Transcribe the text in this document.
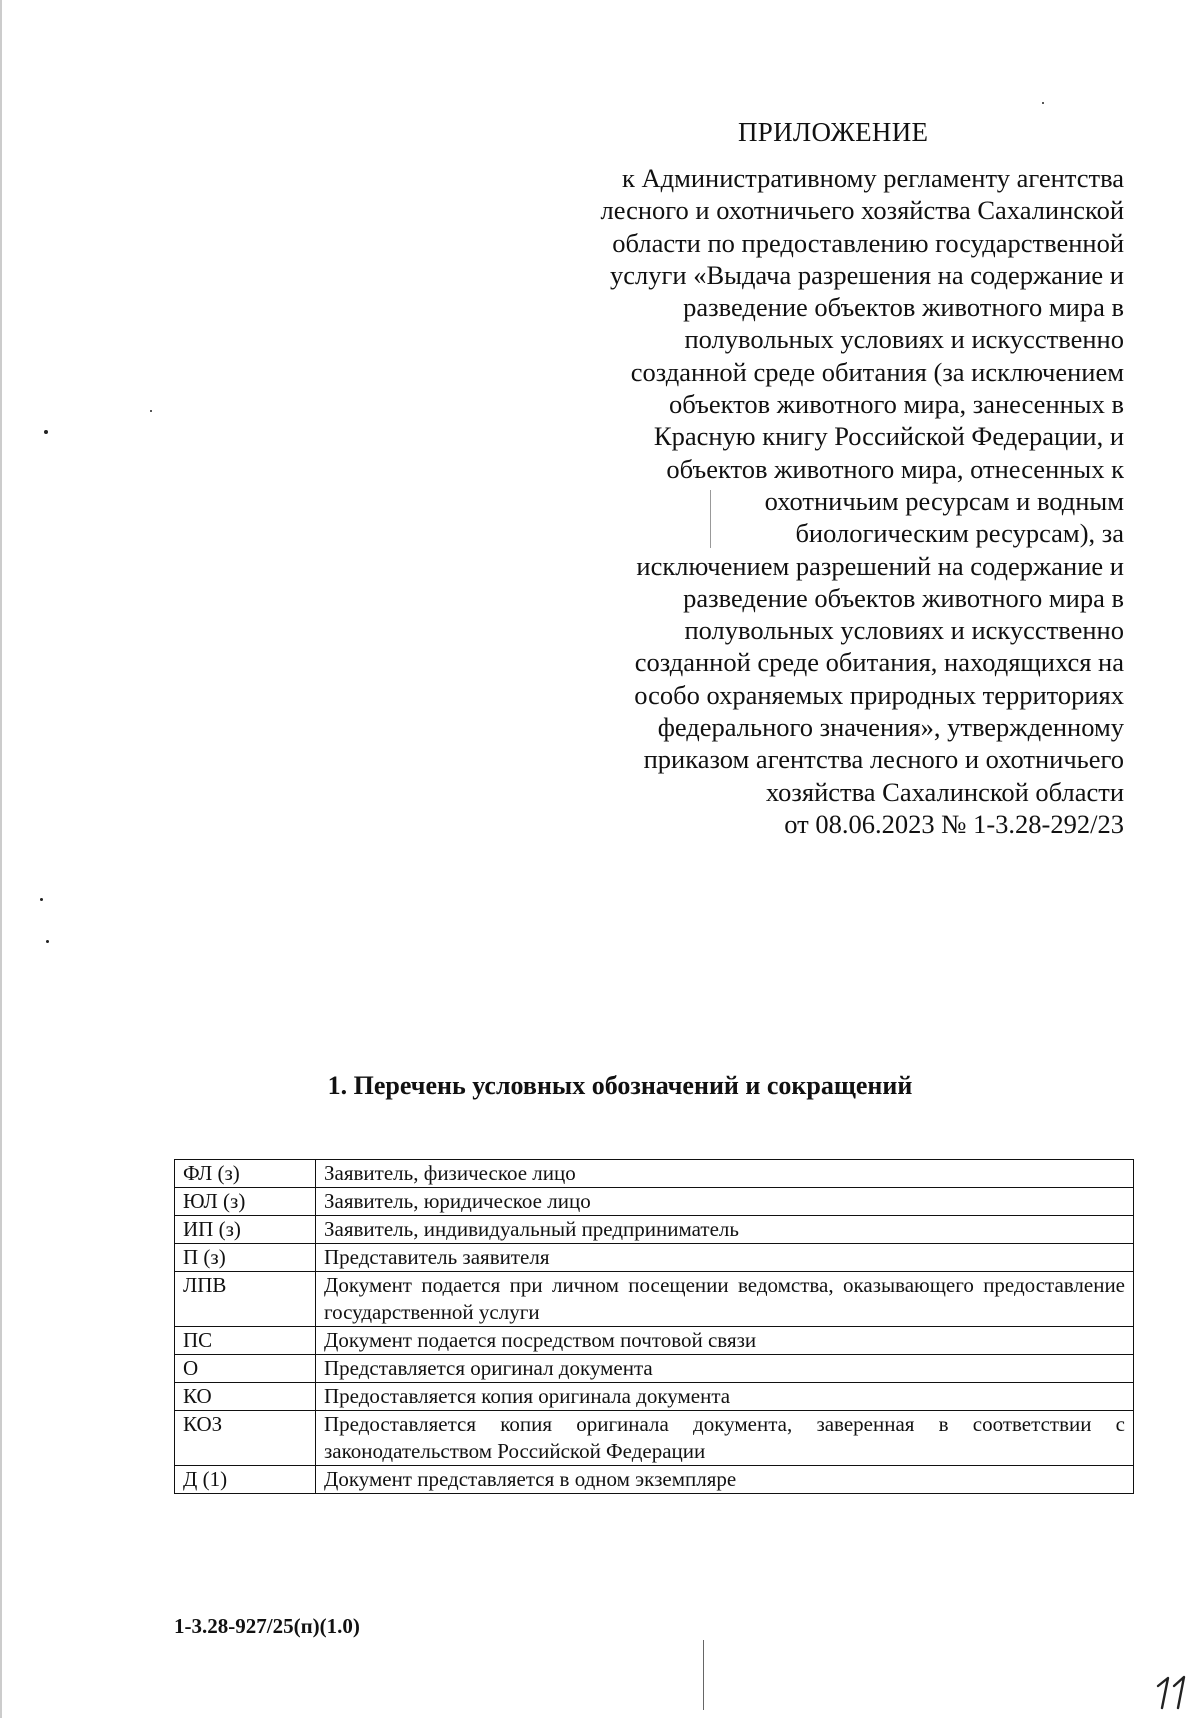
ПРИЛОЖЕНИЕ
к Административному регламенту агентства
лесного и охотничьего хозяйства Сахалинской
области по предоставлению государственной
услуги «Выдача разрешения на содержание и
разведение объектов животного мира в
полувольных условиях и искусственно
созданной среде обитания (за исключением
объектов животного мира, занесенных в
Красную книгу Российской Федерации, и
объектов животного мира, отнесенных к
охотничьим ресурсам и водным
биологическим ресурсам), за
исключением разрешений на содержание и
разведение объектов животного мира в
полувольных условиях и искусственно
созданной среде обитания, находящихся на
особо охраняемых природных территориях
федерального значения», утвержденному
приказом агентства лесного и охотничьего
хозяйства Сахалинской области
от 08.06.2023 № 1-3.28-292/23
1. Перечень условных обозначений и сокращений
ФЛ (з)	Заявитель, физическое лицо
ЮЛ (з)	Заявитель, юридическое лицо
ИП (з)	Заявитель, индивидуальный предприниматель
П (з)	Представитель заявителя
ЛПВ	Документ подается при личном посещении ведомства, оказывающего предоставление государственной услуги
ПС	Документ подается посредством почтовой связи
О	Представляется оригинал документа
КО	Предоставляется копия оригинала документа
КОЗ	Предоставляется копия оригинала документа, заверенная в соответствии с законодательством Российской Федерации
Д (1)	Документ представляется в одном экземпляре
1-3.28-927/25(п)(1.0)
